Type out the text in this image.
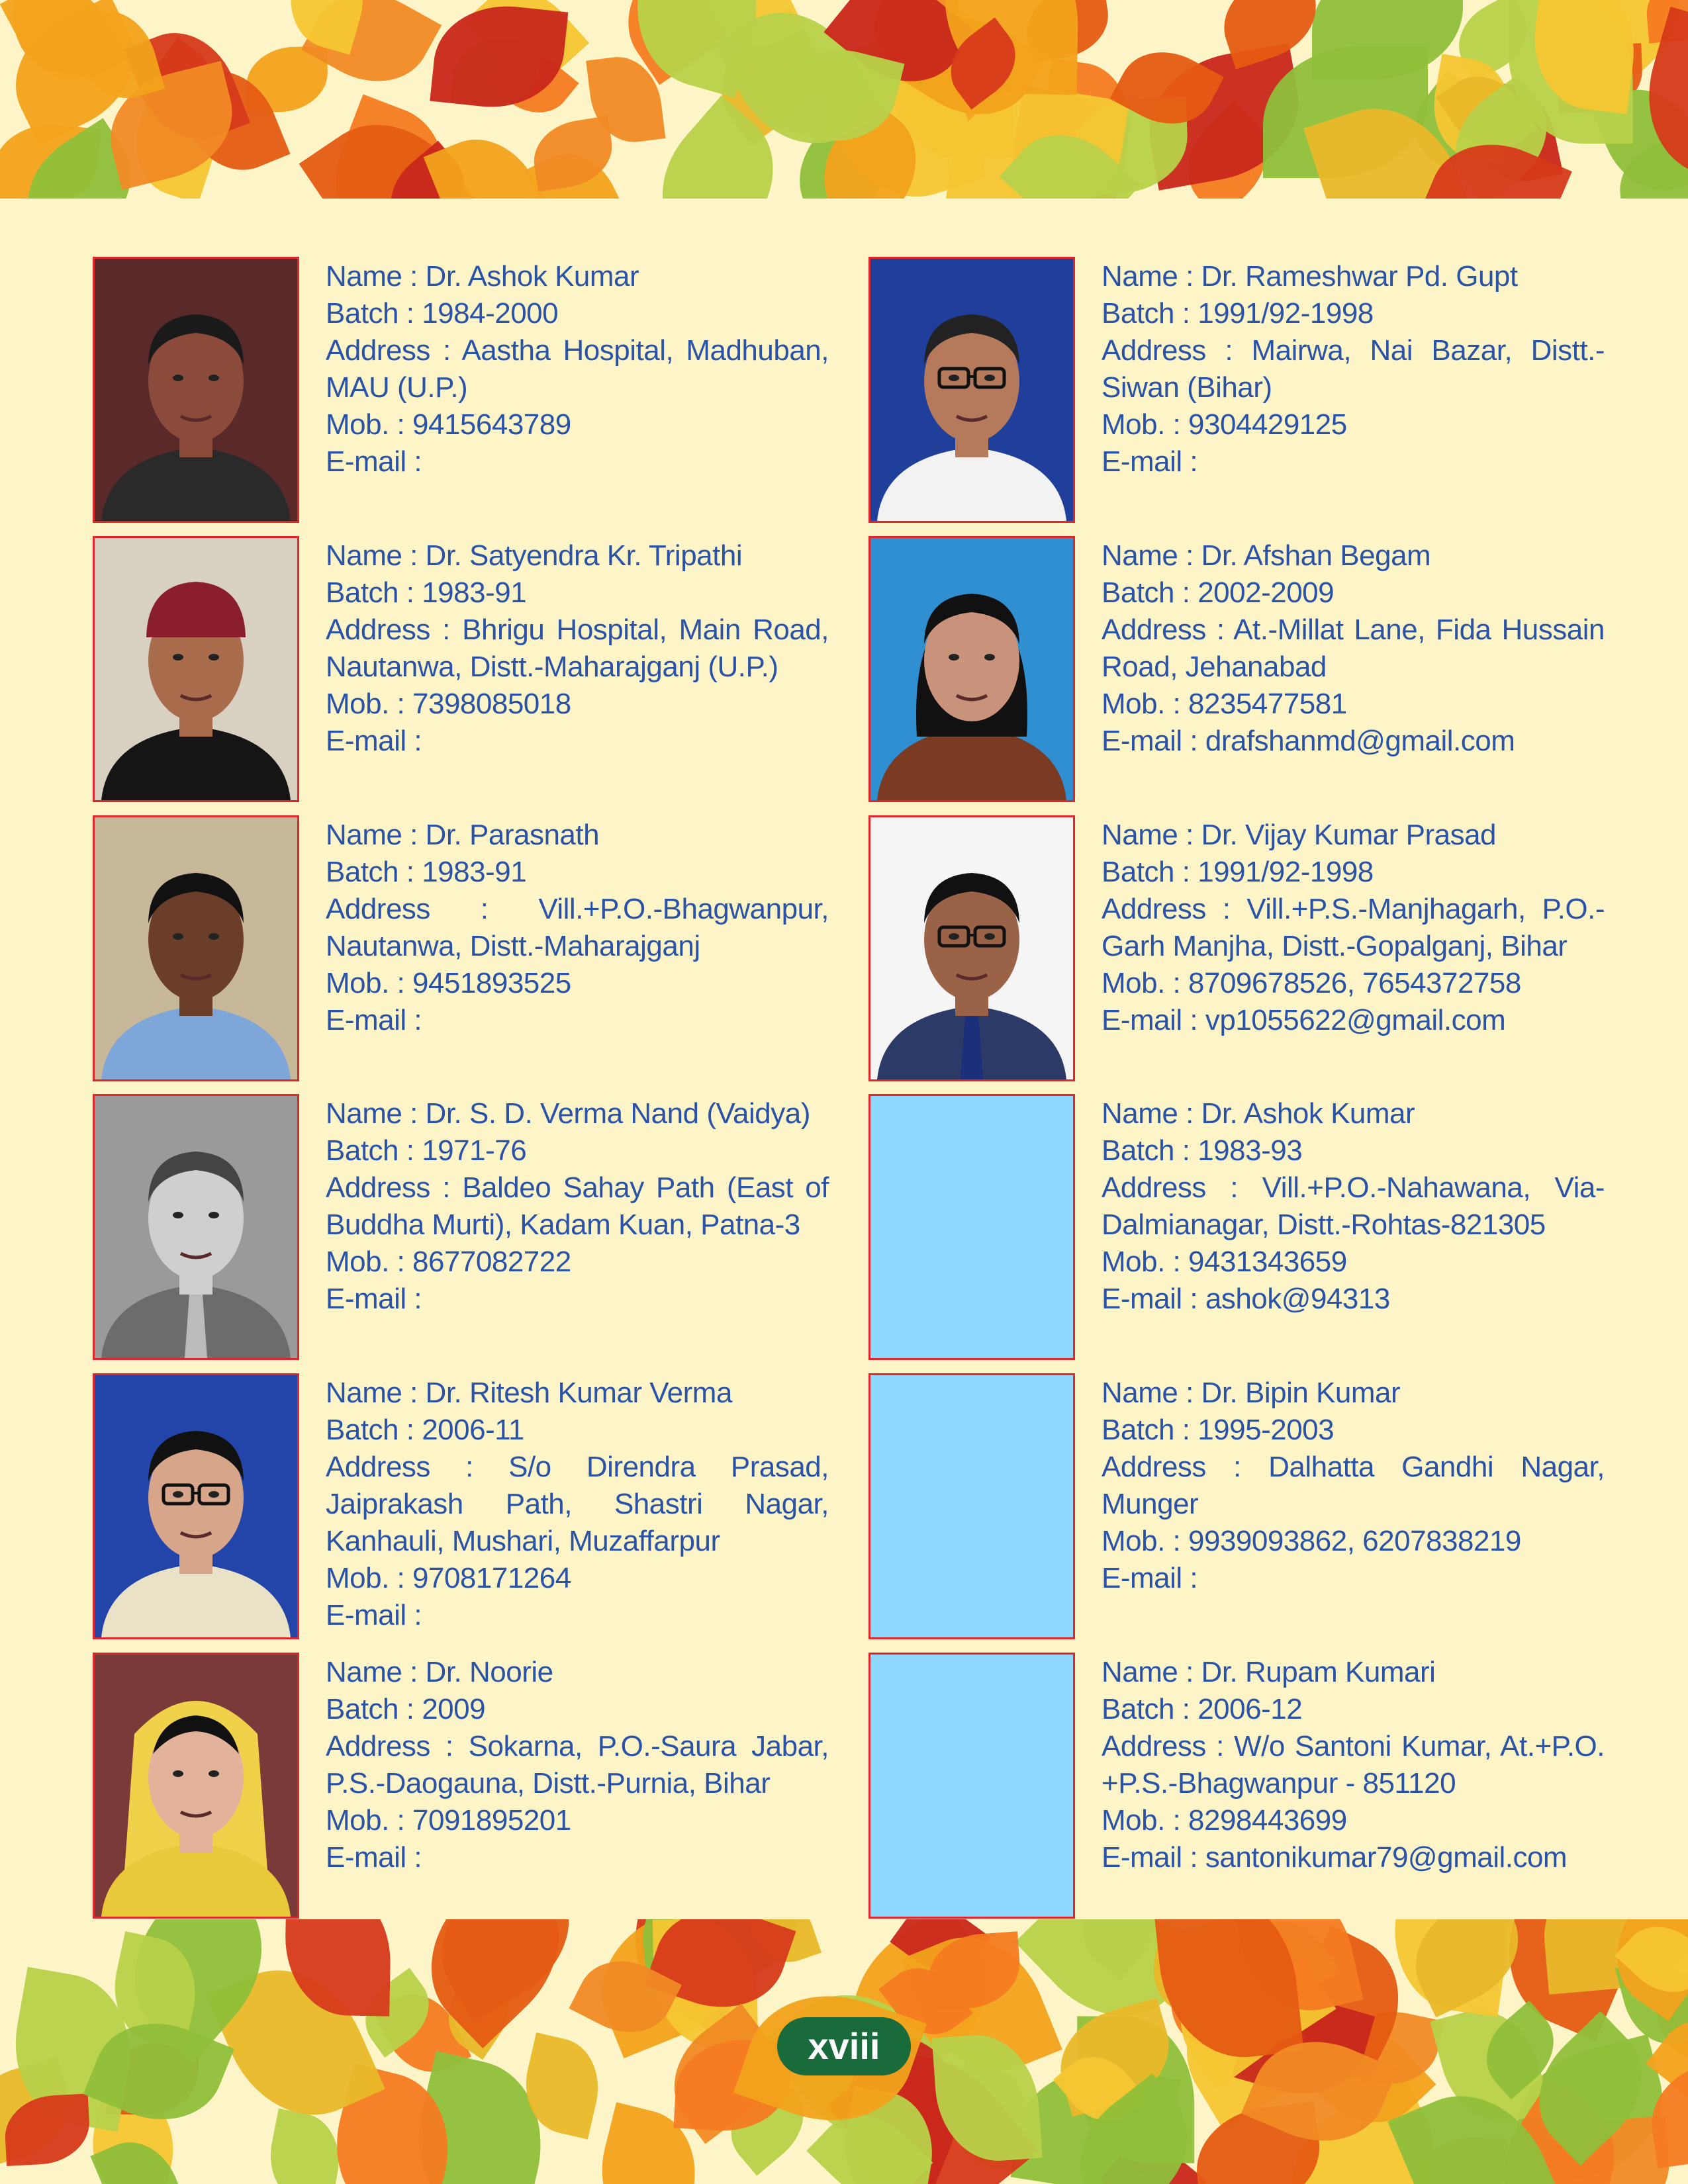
Name : Dr. Ashok Kumar
Batch : 1984-2000
Address : Aastha Hospital, Madhuban, MAU (U.P.)
Mob. : 9415643789
E-mail :
Name : Dr. Rameshwar Pd. Gupt
Batch : 1991/92-1998
Address : Mairwa, Nai Bazar, Distt.-Siwan (Bihar)
Mob. : 9304429125
E-mail :
Name : Dr. Satyendra Kr. Tripathi
Batch : 1983-91
Address : Bhrigu Hospital, Main Road, Nautanwa, Distt.-Maharajganj (U.P.)
Mob. : 7398085018
E-mail :
Name : Dr. Afshan Begam
Batch : 2002-2009
Address : At.-Millat Lane, Fida Hussain Road, Jehanabad
Mob. : 8235477581
E-mail : drafshanmd@gmail.com
Name : Dr. Parasnath
Batch : 1983-91
Address : Vill.+P.O.-Bhagwanpur, Nautanwa, Distt.-Maharajganj
Mob. : 9451893525
E-mail :
Name : Dr. Vijay Kumar Prasad
Batch : 1991/92-1998
Address : Vill.+P.S.-Manjhagarh, P.O.-Garh Manjha, Distt.-Gopalganj, Bihar
Mob. : 8709678526, 7654372758
E-mail : vp1055622@gmail.com
Name : Dr. S. D. Verma Nand (Vaidya)
Batch : 1971-76
Address : Baldeo Sahay Path (East of Buddha Murti), Kadam Kuan, Patna-3
Mob. : 8677082722
E-mail :
Name : Dr. Ashok Kumar
Batch : 1983-93
Address : Vill.+P.O.-Nahawana, Via-Dalmianagar, Distt.-Rohtas-821305
Mob. : 9431343659
E-mail : ashok@94313
Name : Dr. Ritesh Kumar Verma
Batch : 2006-11
Address : S/o Direndra Prasad, Jaiprakash Path, Shastri Nagar, Kanhauli, Mushari, Muzaffarpur
Mob. : 9708171264
E-mail :
Name : Dr. Bipin Kumar
Batch : 1995-2003
Address : Dalhatta Gandhi Nagar, Munger
Mob. : 9939093862, 6207838219
E-mail :
Name : Dr. Noorie
Batch : 2009
Address : Sokarna, P.O.-Saura Jabar, P.S.-Daogauna, Distt.-Purnia, Bihar
Mob. : 7091895201
E-mail :
Name : Dr. Rupam Kumari
Batch : 2006-12
Address : W/o Santoni Kumar, At.+P.O. +P.S.-Bhagwanpur - 851120
Mob. : 8298443699
E-mail : santonikumar79@gmail.com
xviii
